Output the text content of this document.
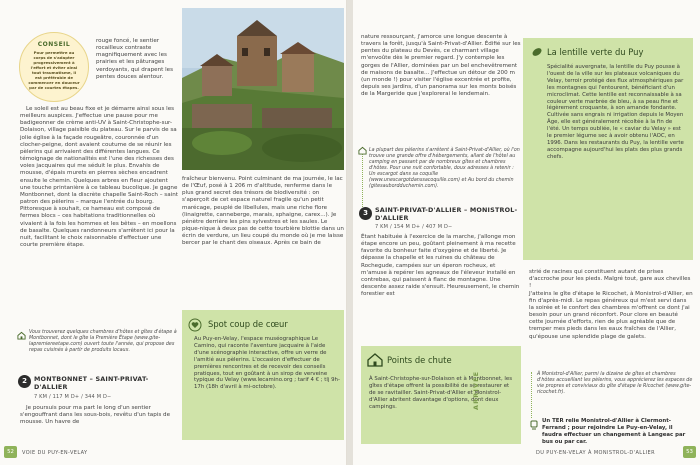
CONSEIL
Pour permettre au corps de s'adapter progressivement à l'effort et éviter ainsi tout traumatisme, il est préférable de commencer en douceur par de courtes étapes.

rouge foncé, le sentier rocailleux contraste magnifiquement avec les prairies et les pâturages verdoyants, qui drapent les pentes douces alentour.

Le soleil est au beau fixe et je démarre ainsi sous les meilleurs auspices. J'effectue une pause pour me badigeonner de crème anti-UV à Saint-Christophe-sur-Dolaison, village paisible du plateau. Sur le parvis de sa jolie église à la façade rougeâtre, couronnée d'un clocher-peigne, dont avaient coutume de se réunir les pèlerins qui arrivaient des différentes langues. Ce témoignage de nationalités est l'une des richesses des voies jacquaires qui me séduit le plus. Envahis de mousse, d'épais murets en pierres sèches encadrent ensuite le chemin. Quelques arbres en fleur ajoutent une touche printanière à ce tableau bucolique. Je gagne Montbonnet, dont la discrète chapelle Saint-Roch – saint patron des pèlerins – marque l'entrée du bourg. Pittoresque à souhait, ce hameau est composé de fermes blocs – ces habitations traditionnelles où vivaient à la fois les hommes et les bêtes – en moellons de basalte. Quelques randonneurs s'arrêtent ici pour la nuit, facilitant le choix raisonnable d'effectuer une courte première étape.

Vous trouverez quelques chambres d'hôtes et gîtes d'étape à Montbonnet, dont le gîte la Première Étape (www.gite-lapremiereetape.com) ouvert toute l'année, qui propose des repas cuisinés à partir de produits locaux.
2	MONTBONNET – SAINT-PRIVAT-D'ALLIER
7 KM / 117 M D+ / 344 M D−

Je poursuis pour ma part le long d'un sentier s'engouffrant dans les sous-bois, revêtu d'un tapis de mousse. Un havre de

fraîcheur bienvenu. Point culminant de ma journée, le lac de l'Œuf, posé à 1 206 m d'altitude, renferme dans le plus grand secret des trésors de biodiversité : on s'aperçoit de cet espace naturel fragile qu'un petit marécage, peuplé de libellules, mais une riche flore (linaigrette, canneberge, marais, sphaigne, carex...). Je pénètre derrière les pins sylvestres et les saules. Le pique-nique à deux pas de cette tourbière blottie dans un écrin de verdure, un lieu coupé du monde où je me laisse bercer par le chant des oiseaux. Après ce bain de

Spot coup de cœur
Au Puy-en-Velay, l'espace muséographique Le Camino, qui raconte l'aventure jacquaire à l'aide d'une scénographie interactive, offre un verre de l'amitié aux pèlerins. L'occasion d'effectuer de premières rencontres et de recevoir des conseils pratiques, tout en goûtant à un sirop de verveine typique du Velay (www.lecamino.org ; tarif 4 € ; tlj 9h-17h (18h d'avril à mi-octobre).
52	VOIE DU PUY-EN-VELAY

nature ressourçant, j'amorce une longue descente à travers la forêt, jusqu'à Saint-Privat-d'Allier. Édifié sur les pentes du plateau du Devès, ce charmant village m'envoûte dès le premier regard. J'y contemple les gorges de l'Allier, dominées par un bel enchevêtrement de maisons de basalte... J'effectue un détour de 200 m (un monde !) pour visiter l'église excentrée et profite, depuis ses jardins, d'un panorama sur les monts boisés de la Margeride que j'explorerai le lendemain.

La plupart des pèlerins s'arrêtent à Saint-Privat-d'Allier, où l'on trouve une grande offre d'hébergements, allant de l'hôtel au camping en passant par de nombreux gîtes et chambres d'hôtes. Pour une nuit confortable, doux adresses à retenir : Un escargot dans sa coquille (www.unescargotdanssacoquille.com) et Au bord du chemin (gitesaubordduchemin.com).
3	SAINT-PRIVAT-D'ALLIER – MONISTROL-D'ALLIER
7 KM / 154 M D+ / 407 M D−

Étant habituée à l'exercice de la marche, j'allonge mon étape encore un peu, goûtant pleinement à ma recette favorite du bonheur faite d'oxygène et de liberté. Je dépasse la chapelle et les ruines du château de Rochegude, campées sur un éperon rocheux, et m'amuse à repérer les agneaux de l'éleveur installé en contrebas, qui paissent à flanc de montagne. Une descente assez raide s'ensuit. Heureusement, le chemin forestier est

Points de chute
À Saint-Christophe-sur-Dolaison et à Montbonnet, les gîtes d'étape offrent la possibilité de se restaurer et de se ravitailler. Saint-Privat-d'Allier et Monistrol-d'Allier abritent davantage d'options, dont deux campings.
La lentille verte du Puy
Spécialité auvergnate, la lentille du Puy pousse à l'ouest de la ville sur les plateaux volcaniques du Velay, terroir protégé des flux atmosphériques par les montagnes qui l'entourent, bénéficiant d'un microclimat. Cette lentille est reconnaissable à sa couleur verte marbrée de bleu, à sa peau fine et légèrement croquante, à son amande fondante. Cultivée sans engrais ni irrigation depuis le Moyen Âge, elle est généralement récoltée à la fin de l'été. Un temps oubliée, le « caviar du Velay » est le premier légume sec à avoir obtenu l'AOC, en 1996. Dans les restaurants du Puy, la lentille verte accompagne aujourd'hui les plats des plus grands chefs.

strié de racines qui constituent autant de prises d'accroche pour les pieds. Malgré tout, gare aux chevilles !
J'atteins le gîte d'étape le Ricochet, à Monistrol-d'Allier, en fin d'après-midi. Le repas généreux qui m'est servi dans la soirée et le confort des chambres m'offrent ce dont j'ai besoin pour un grand réconfort. Pour clore en beauté cette journée d'efforts, rien de plus agréable que de tremper mes pieds dans les eaux fraîches de l'Allier, qu'épouse une splendide plage de galets.

À Monistrol-d'Allier, parmi la dizaine de gîtes et chambres d'hôtes accueillant les pèlerins, vous apprécierez les espaces de vie propres et conviviaux du gîte d'étape le Ricochet (www.gite-ricochet.fr).
Un TER relie Monistrol-d'Allier à Clermont-Ferrand ; pour rejoindre Le Puy-en-Velay, il faudra effectuer un changement à Langeac par bus ou par car.
DU PUY-EN-VELAY À MONISTROL-D'ALLIER	53
ARRIVÉE
